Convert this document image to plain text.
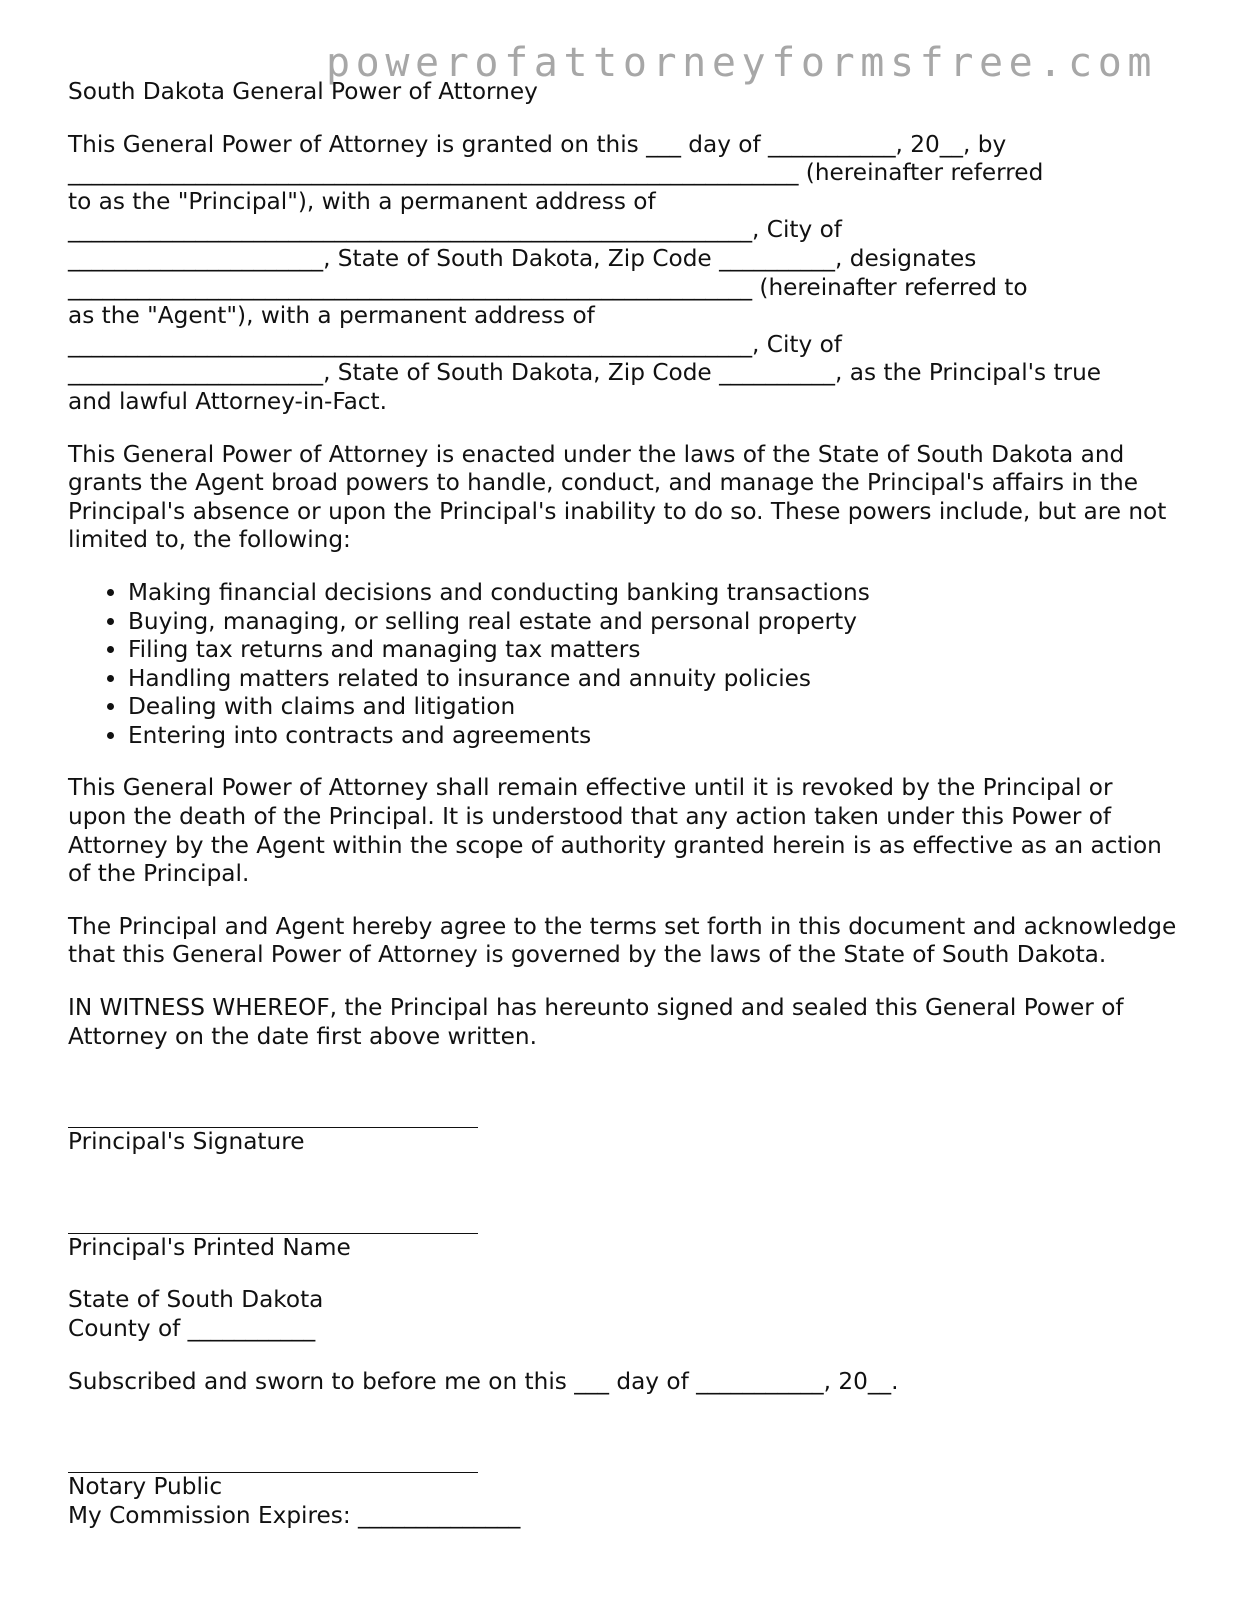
powerofattorneyformsfree.com

South Dakota General Power of Attorney

This General Power of Attorney is granted on this ___ day of ___________, 20__, by
_______________________________________________________________ (hereinafter referred
to as the "Principal"), with a permanent address of
___________________________________________________________, City of
______________________, State of South Dakota, Zip Code __________, designates
___________________________________________________________ (hereinafter referred to
as the "Agent"), with a permanent address of
___________________________________________________________, City of
______________________, State of South Dakota, Zip Code __________, as the Principal's true
and lawful Attorney-in-Fact.

This General Power of Attorney is enacted under the laws of the State of South Dakota and grants the Agent broad powers to handle, conduct, and manage the Principal's affairs in the Principal's absence or upon the Principal's inability to do so. These powers include, but are not limited to, the following:

• Making financial decisions and conducting banking transactions
• Buying, managing, or selling real estate and personal property
• Filing tax returns and managing tax matters
• Handling matters related to insurance and annuity policies
• Dealing with claims and litigation
• Entering into contracts and agreements

This General Power of Attorney shall remain effective until it is revoked by the Principal or upon the death of the Principal. It is understood that any action taken under this Power of Attorney by the Agent within the scope of authority granted herein is as effective as an action of the Principal.

The Principal and Agent hereby agree to the terms set forth in this document and acknowledge that this General Power of Attorney is governed by the laws of the State of South Dakota.

IN WITNESS WHEREOF, the Principal has hereunto signed and sealed this General Power of Attorney on the date first above written.

Principal's Signature
Principal's Printed Name

State of South Dakota
County of ___________

Subscribed and sworn to before me on this ___ day of ___________, 20__.

Notary Public
My Commission Expires: ______________
